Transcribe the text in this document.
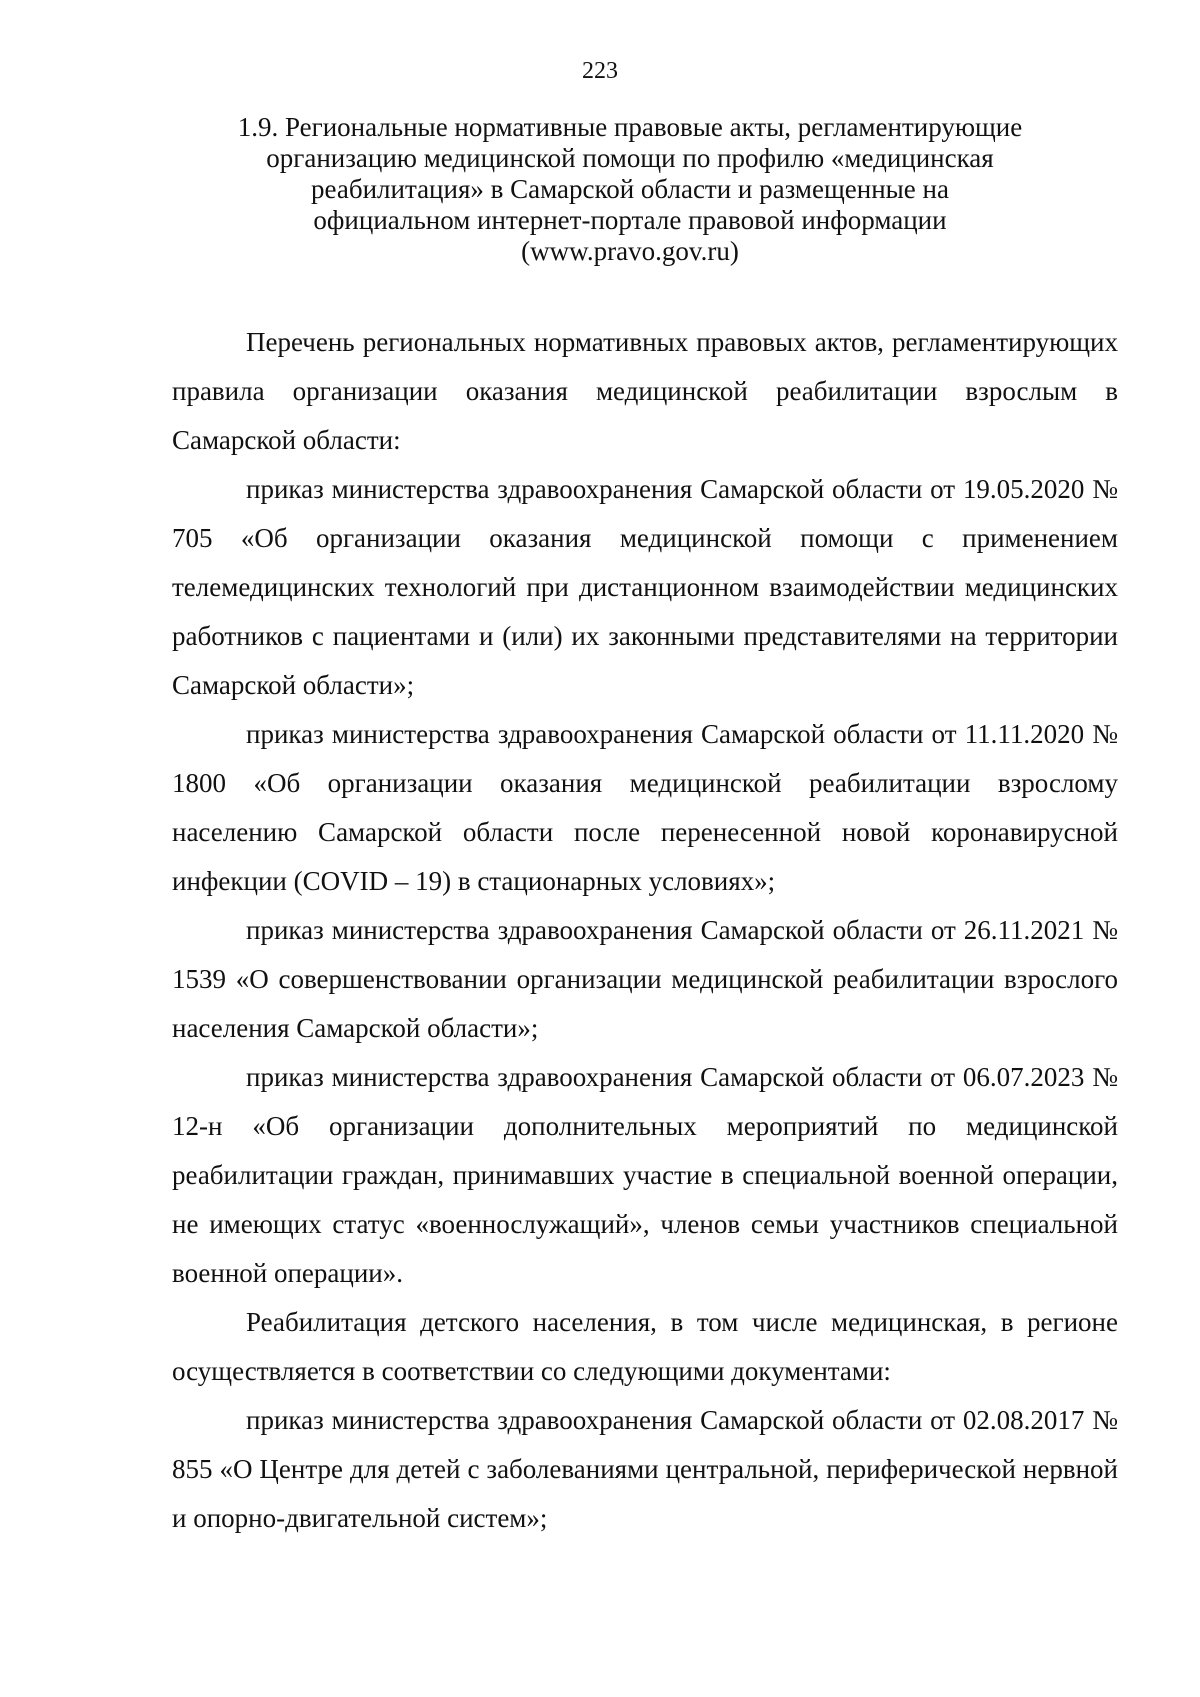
223
1.9. Региональные нормативные правовые акты, регламентирующие
организацию медицинской помощи по профилю «медицинская
реабилитация» в Самарской области и размещенные на
официальном интернет-портале правовой информации
(www.pravo.gov.ru)

Перечень региональных нормативных правовых актов, регламентирующих правила организации оказания медицинской реабилитации взрослым в Самарской области:

приказ министерства здравоохранения Самарской области от 19.05.2020 № 705 «Об организации оказания медицинской помощи с применением телемедицинских технологий при дистанционном взаимодействии медицинских работников с пациентами и (или) их законными представителями на территории Самарской области»;

приказ министерства здравоохранения Самарской области от 11.11.2020 № 1800 «Об организации оказания медицинской реабилитации взрослому населению Самарской области после перенесенной новой коронавирусной инфекции (COVID – 19) в стационарных условиях»;

приказ министерства здравоохранения Самарской области от 26.11.2021 № 1539 «О совершенствовании организации медицинской реабилитации взрослого населения Самарской области»;

приказ министерства здравоохранения Самарской области от 06.07.2023 № 12-н «Об организации дополнительных мероприятий по медицинской реабилитации граждан, принимавших участие в специальной военной операции, не имеющих статус «военнослужащий», членов семьи участников специальной военной операции».

Реабилитация детского населения, в том числе медицинская, в регионе осуществляется в соответствии со следующими документами:

приказ министерства здравоохранения Самарской области от 02.08.2017 № 855 «О Центре для детей с заболеваниями центральной, периферической нервной и опорно-двигательной систем»;
